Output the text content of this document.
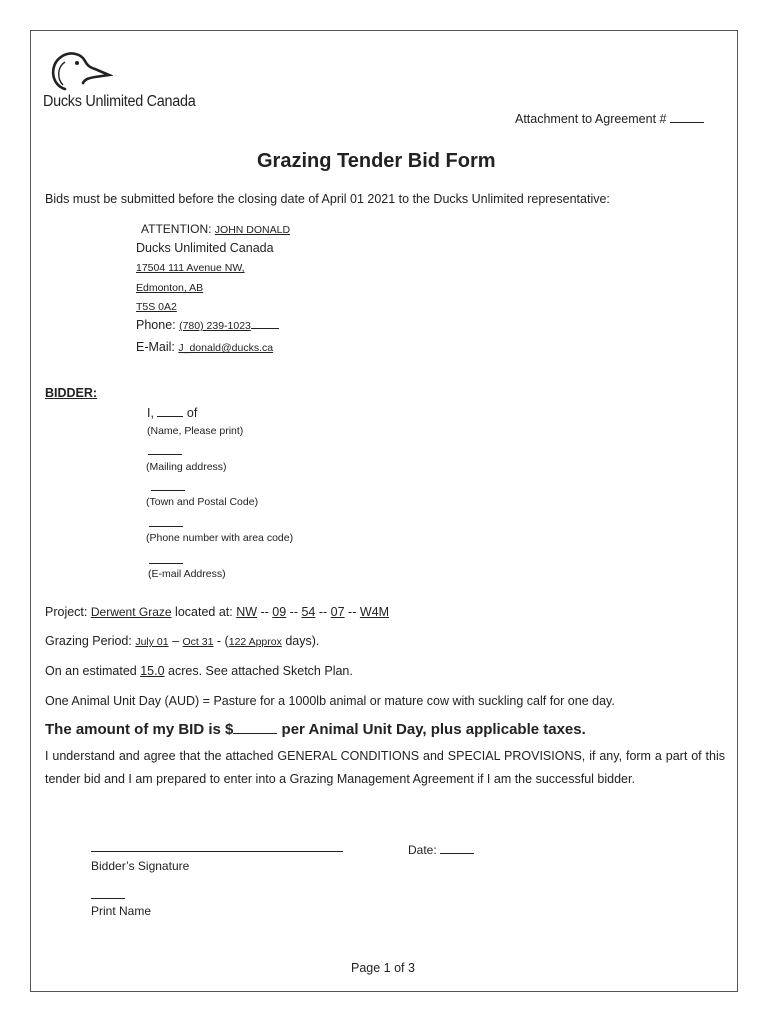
Ducks Unlimited Canada
Attachment to Agreement #
Grazing Tender Bid Form
Bids must be submitted before the closing date of April 01 2021 to the Ducks Unlimited representative:
ATTENTION: JOHN DONALD
Ducks Unlimited Canada
17504 111 Avenue NW,
Edmonton, AB
T5S 0A2
Phone: (780) 239-1023
E-Mail: J_donald@ducks.ca
BIDDER:
I,	of
(Name, Please print)
(Mailing address)
(Town and Postal Code)
(Phone number with area code)
(E-mail Address)
Project: Derwent Graze located at: NW -- 09 -- 54 -- 07 -- W4M
Grazing Period: July 01 – Oct 31 - (122 Approx days).
On an estimated 15.0 acres. See attached Sketch Plan.
One Animal Unit Day (AUD) = Pasture for a 1000lb animal or mature cow with suckling calf for one day.
The amount of my BID is $	per Animal Unit Day, plus applicable taxes.
I understand and agree that the attached GENERAL CONDITIONS and SPECIAL PROVISIONS, if any, form a part of this tender bid and I am prepared to enter into a Grazing Management Agreement if I am the successful bidder.
Bidder’s Signature
Date:
Print Name
Page 1 of 3
